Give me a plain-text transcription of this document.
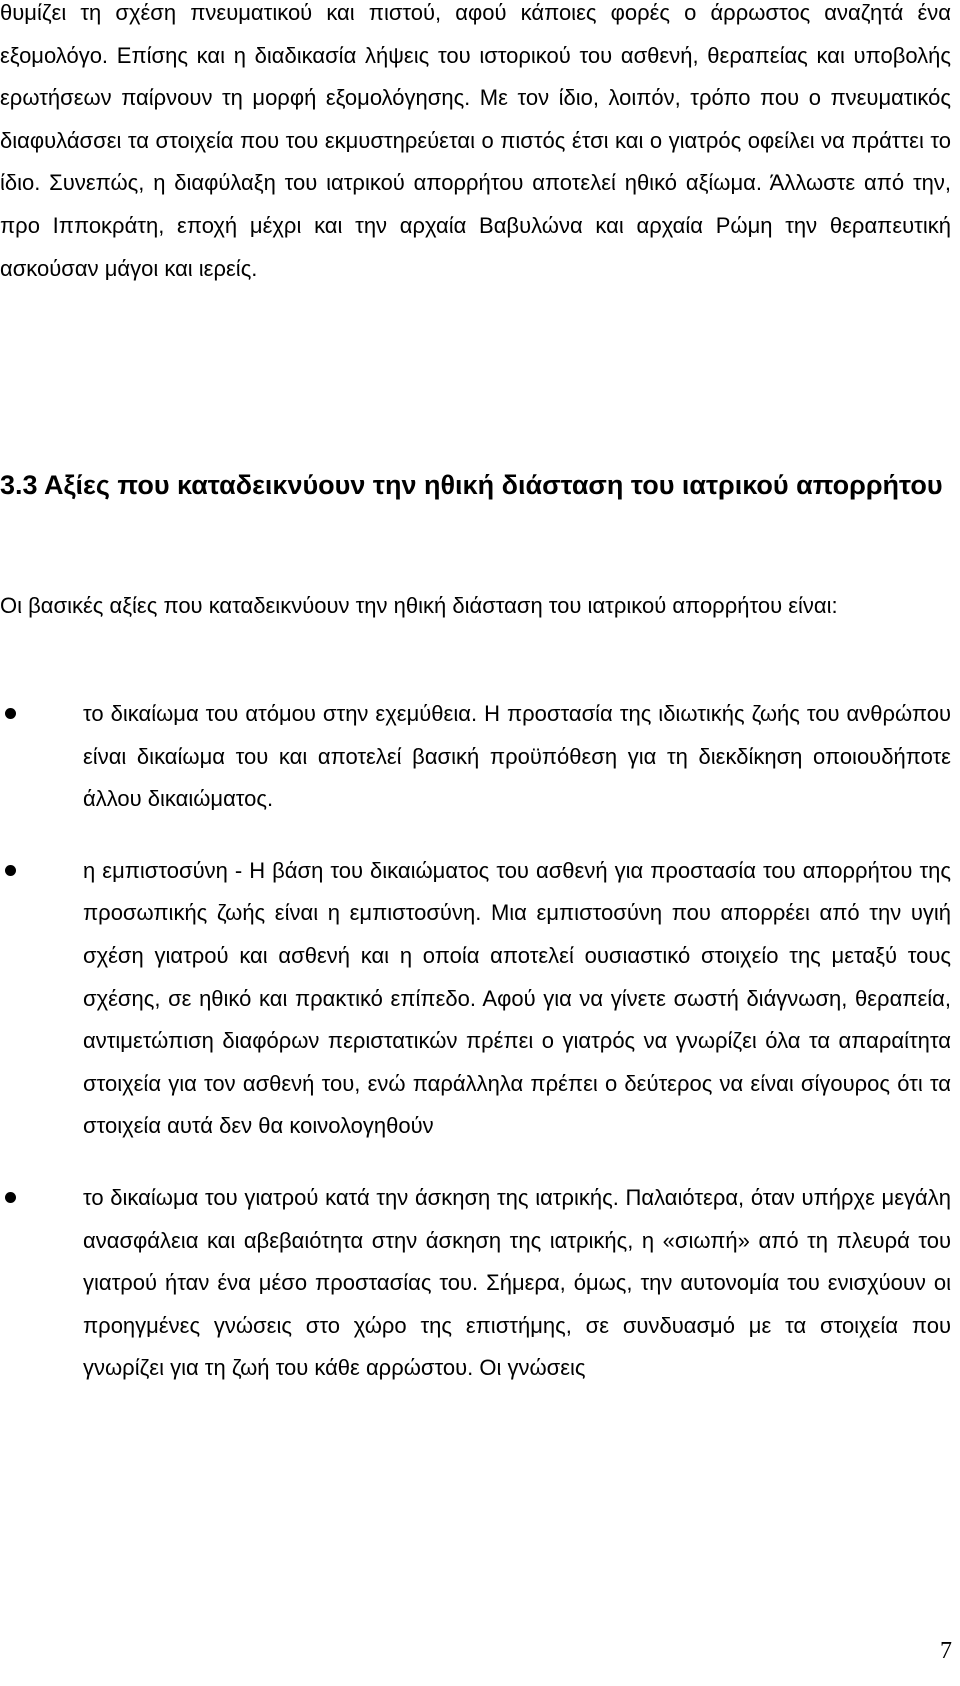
θυμίζει τη σχέση πνευματικού και πιστού, αφού κάποιες φορές ο άρρωστος αναζητά ένα εξομολόγο. Επίσης και η διαδικασία λήψεις του ιστορικού του ασθενή, θεραπείας και υποβολής ερωτήσεων παίρνουν τη μορφή εξομολόγησης. Με τον ίδιο, λοιπόν, τρόπο που ο πνευματικός διαφυλάσσει τα στοιχεία που του εκμυστηρεύεται ο πιστός έτσι και ο γιατρός οφείλει να πράττει το ίδιο. Συνεπώς, η διαφύλαξη του ιατρικού απορρήτου αποτελεί ηθικό αξίωμα. Άλλωστε από την, προ Ιπποκράτη, εποχή μέχρι και την αρχαία Βαβυλώνα και αρχαία Ρώμη την θεραπευτική ασκούσαν μάγοι και ιερείς.

3.3 Αξίες που καταδεικνύουν την ηθική διάσταση του ιατρικού απορρήτου

Οι βασικές αξίες που καταδεικνύουν την ηθική διάσταση του ιατρικού απορρήτου είναι:

το δικαίωμα του ατόμου στην εχεμύθεια. Η προστασία της ιδιωτικής ζωής του ανθρώπου είναι δικαίωμα του και αποτελεί βασική προϋπόθεση για τη διεκδίκηση οποιουδήποτε άλλου δικαιώματος.
η εμπιστοσύνη - Η βάση του δικαιώματος του ασθενή για προστασία του απορρήτου της προσωπικής ζωής είναι η εμπιστοσύνη. Μια εμπιστοσύνη που απορρέει από την υγιή σχέση γιατρού και ασθενή και η οποία αποτελεί ουσιαστικό στοιχείο της μεταξύ τους σχέσης, σε ηθικό και πρακτικό επίπεδο. Αφού για να γίνετε σωστή διάγνωση, θεραπεία, αντιμετώπιση διαφόρων περιστατικών πρέπει ο γιατρός να γνωρίζει όλα τα απαραίτητα στοιχεία για τον ασθενή του, ενώ παράλληλα πρέπει ο δεύτερος να είναι σίγουρος ότι τα στοιχεία αυτά δεν θα κοινολογηθούν
το δικαίωμα του γιατρού κατά την άσκηση της ιατρικής. Παλαιότερα, όταν υπήρχε μεγάλη ανασφάλεια και αβεβαιότητα στην άσκηση της ιατρικής, η «σιωπή» από τη πλευρά του γιατρού ήταν ένα μέσο προστασίας του. Σήμερα, όμως, την αυτονομία του ενισχύουν οι προηγμένες γνώσεις στο χώρο της επιστήμης, σε συνδυασμό με τα στοιχεία που γνωρίζει για τη ζωή του κάθε αρρώστου. Οι γνώσεις
7
